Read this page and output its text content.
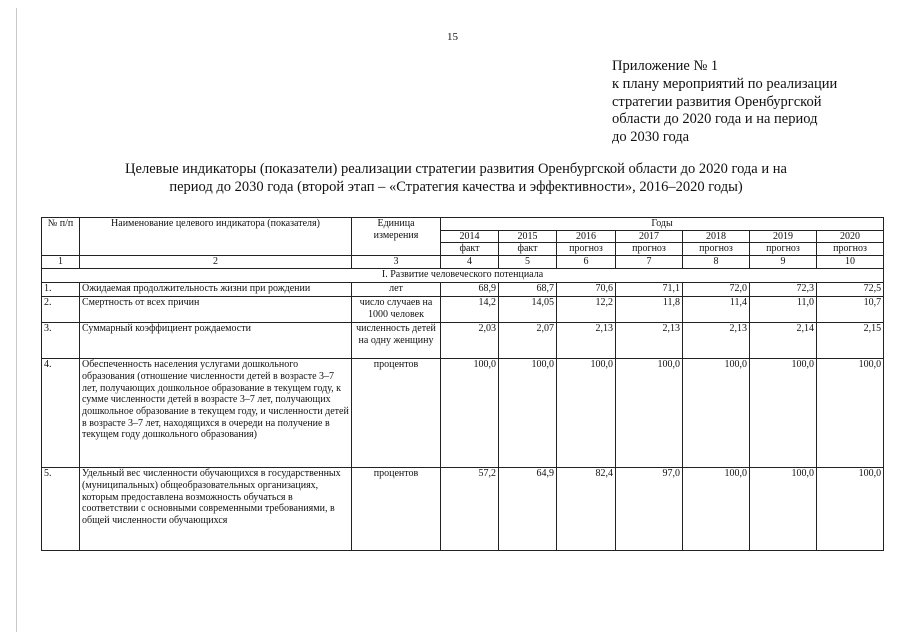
15
Приложение № 1
к плану мероприятий по реализации
стратегии развития Оренбургской
области до 2020 года и на период
до 2030 года
Целевые индикаторы (показатели) реализации стратегии развития Оренбургской области до 2020 года и на
период до 2030 года (второй этап – «Стратегия качества и эффективности», 2016–2020 годы)
№ п/п	Наименование целевого индикатора (показателя)	Единица измерения	Годы						
			2014	2015	2016	2017	2018	2019	2020
			факт	факт	прогноз	прогноз	прогноз	прогноз	прогноз
1	2	3	4	5	6	7	8	9	10
I. Развитие человеческого потенциала									
1.	Ожидаемая продолжительность жизни при рождении	лет	68,9	68,7	70,6	71,1	72,0	72,3	72,5
2.	Смертность от всех причин	число случаев на 1000 человек	14,2	14,05	12,2	11,8	11,4	11,0	10,7
3.	Суммарный коэффициент рождаемости	численность детей на одну женщину	2,03	2,07	2,13	2,13	2,13	2,14	2,15
4.	Обеспеченность населения услугами дошкольного образования (отношение численности детей в возрасте 3–7 лет, получающих дошкольное образование в текущем году, к сумме численности детей в возрасте 3–7 лет, получающих дошкольное образование в текущем году, и численности детей в возрасте 3–7 лет, находящихся в очереди на получение в текущем году дошкольного образования)	процентов	100,0	100,0	100,0	100,0	100,0	100,0	100,0
5.	Удельный вес численности обучающихся в государственных (муниципальных) общеобразовательных организациях, которым предоставлена возможность обучаться в соответствии с основными современными требованиями, в общей численности обучающихся	процентов	57,2	64,9	82,4	97,0	100,0	100,0	100,0
